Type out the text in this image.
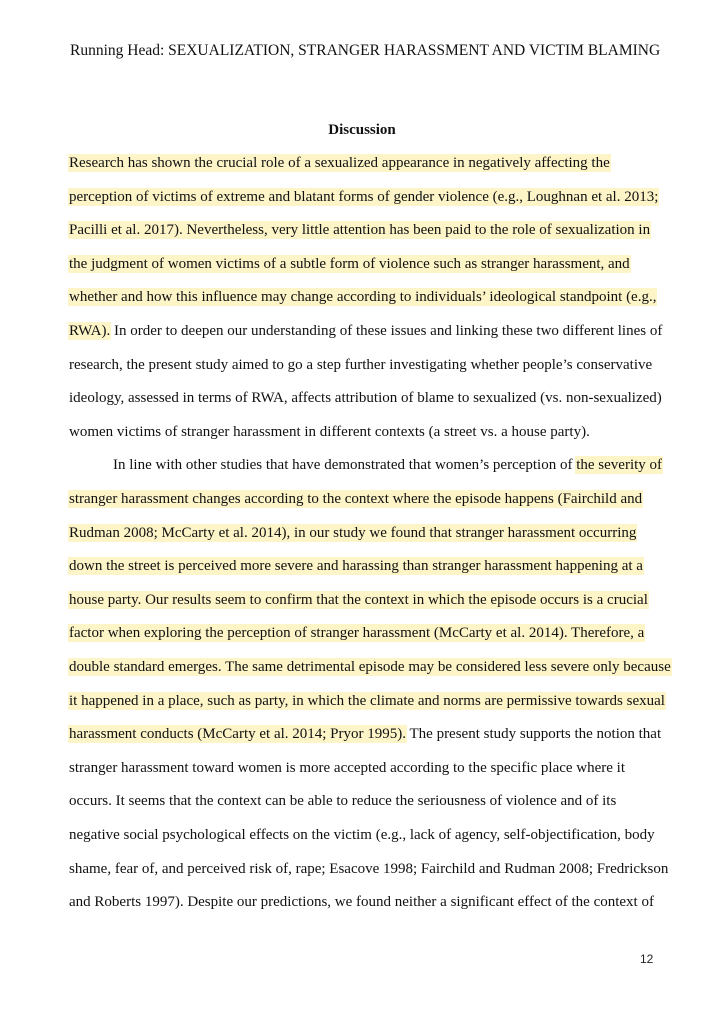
Running Head: SEXUALIZATION, STRANGER HARASSMENT AND VICTIM BLAMING
Discussion
Research has shown the crucial role of a sexualized appearance in negatively affecting the
perception of victims of extreme and blatant forms of gender violence (e.g., Loughnan et al. 2013;
Pacilli et al. 2017). Nevertheless, very little attention has been paid to the role of sexualization in
the judgment of women victims of a subtle form of violence such as stranger harassment, and
whether and how this influence may change according to individuals’ ideological standpoint (e.g.,
RWA). In order to deepen our understanding of these issues and linking these two different lines of
research, the present study aimed to go a step further investigating whether people’s conservative
ideology, assessed in terms of RWA, affects attribution of blame to sexualized (vs. non-sexualized)
women victims of stranger harassment in different contexts (a street vs. a house party).
In line with other studies that have demonstrated that women’s perception of the severity of
stranger harassment changes according to the context where the episode happens (Fairchild and
Rudman 2008; McCarty et al. 2014), in our study we found that stranger harassment occurring
down the street is perceived more severe and harassing than stranger harassment happening at a
house party. Our results seem to confirm that the context in which the episode occurs is a crucial
factor when exploring the perception of stranger harassment (McCarty et al. 2014). Therefore, a
double standard emerges. The same detrimental episode may be considered less severe only because
it happened in a place, such as party, in which the climate and norms are permissive towards sexual
harassment conducts (McCarty et al. 2014; Pryor 1995). The present study supports the notion that
stranger harassment toward women is more accepted according to the specific place where it
occurs. It seems that the context can be able to reduce the seriousness of violence and of its
negative social psychological effects on the victim (e.g., lack of agency, self-objectification, body
shame, fear of, and perceived risk of, rape; Esacove 1998; Fairchild and Rudman 2008; Fredrickson
and Roberts 1997). Despite our predictions, we found neither a significant effect of the context of
12
